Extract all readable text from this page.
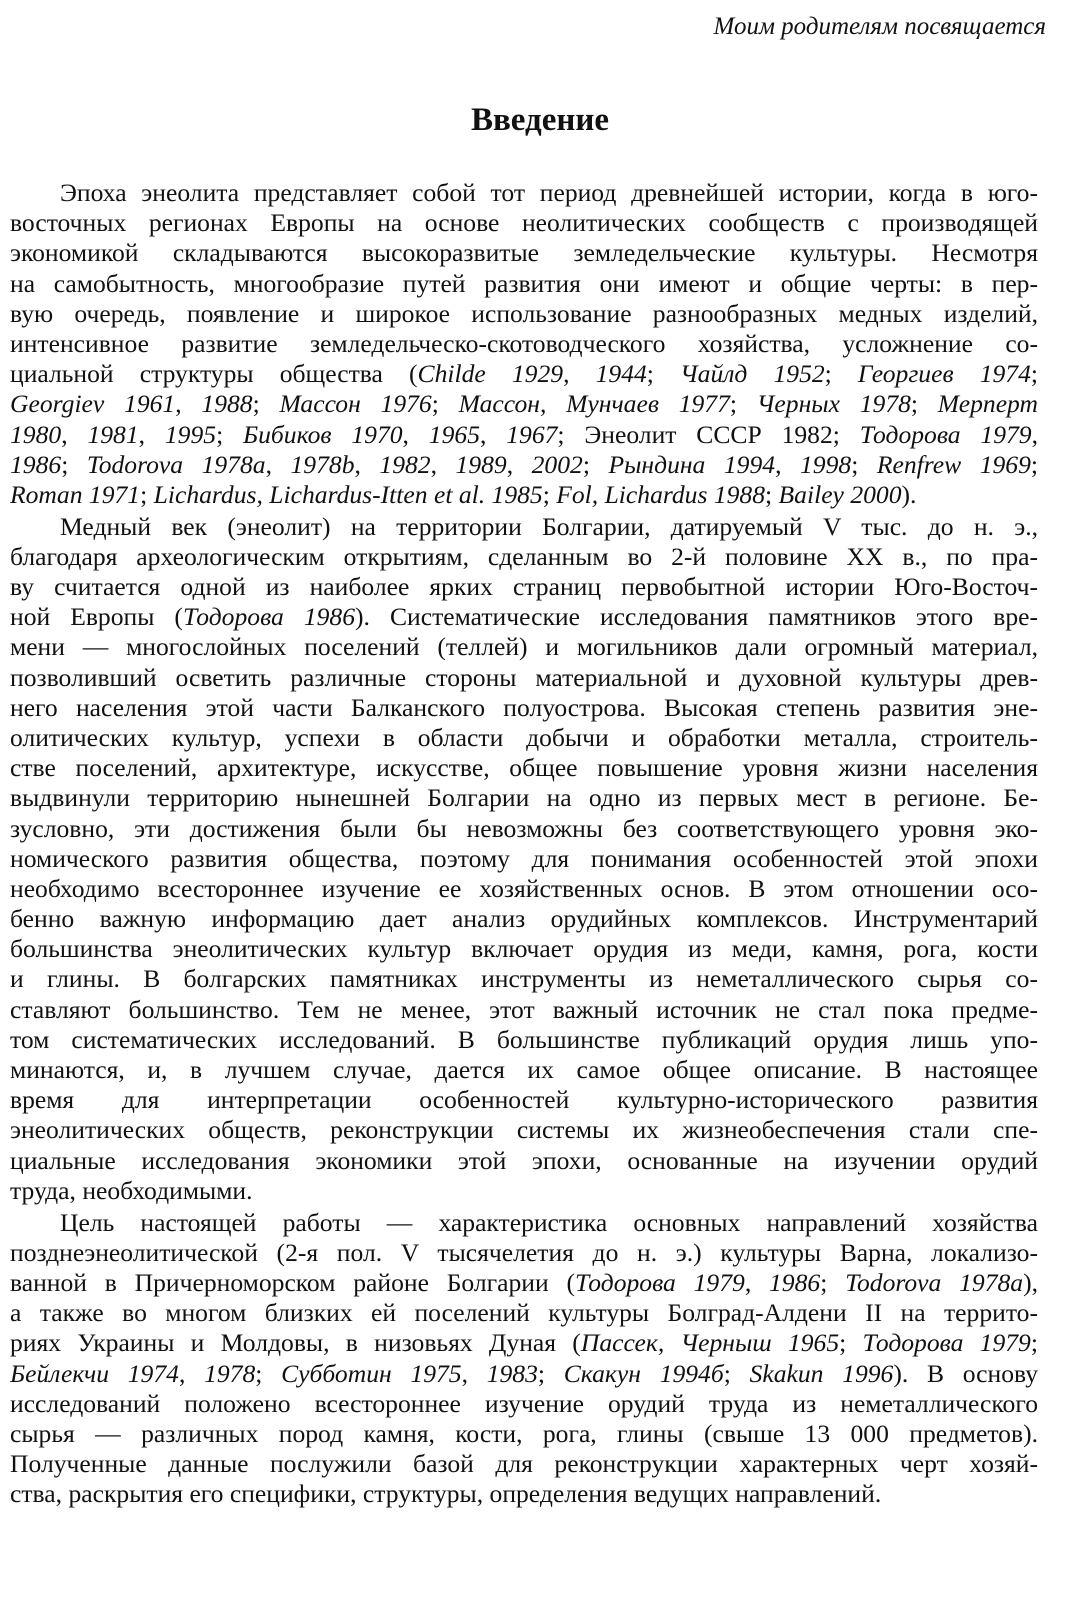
Моим родителям посвящается
Введение
Эпоха энеолита представляет собой тот период древнейшей истории, когда в юго-
восточных регионах Европы на основе неолитических сообществ с производящей
экономикой складываются высокоразвитые земледельческие культуры. Несмотря
на самобытность, многообразие путей развития они имеют и общие черты: в пер-
вую очередь, появление и широкое использование разнообразных медных изделий,
интенсивное развитие земледельческо-скотоводческого хозяйства, усложнение со-
циальной структуры общества (Childe 1929, 1944; Чайлд 1952; Георгиев 1974;
Georgiev 1961, 1988; Массон 1976; Массон, Мунчаев 1977; Черных 1978; Мерперт
1980, 1981, 1995; Бибиков 1970, 1965, 1967; Энеолит СССР 1982; Тодорова 1979,
1986; Todorova 1978a, 1978b, 1982, 1989, 2002; Рындина 1994, 1998; Renfrew 1969;
Roman 1971; Lichardus, Lichardus-Itten et al. 1985; Fol, Lichardus 1988; Bailey 2000).
Медный век (энеолит) на территории Болгарии, датируемый V тыс. до н. э.,
благодаря археологическим открытиям, сделанным во 2-й половине XX в., по пра-
ву считается одной из наиболее ярких страниц первобытной истории Юго-Восточ-
ной Европы (Тодорова 1986). Систематические исследования памятников этого вре-
мени — многослойных поселений (теллей) и могильников дали огромный материал,
позволивший осветить различные стороны материальной и духовной культуры древ-
него населения этой части Балканского полуострова. Высокая степень развития эне-
олитических культур, успехи в области добычи и обработки металла, строитель-
стве поселений, архитектуре, искусстве, общее повышение уровня жизни населения
выдвинули территорию нынешней Болгарии на одно из первых мест в регионе. Бе-
зусловно, эти достижения были бы невозможны без соответствующего уровня эко-
номического развития общества, поэтому для понимания особенностей этой эпохи
необходимо всестороннее изучение ее хозяйственных основ. В этом отношении осо-
бенно важную информацию дает анализ орудийных комплексов. Инструментарий
большинства энеолитических культур включает орудия из меди, камня, рога, кости
и глины. В болгарских памятниках инструменты из неметаллического сырья со-
ставляют большинство. Тем не менее, этот важный источник не стал пока предме-
том систематических исследований. В большинстве публикаций орудия лишь упо-
минаются, и, в лучшем случае, дается их самое общее описание. В настоящее
время для интерпретации особенностей культурно-исторического развития
энеолитических обществ, реконструкции системы их жизнеобеспечения стали спе-
циальные исследования экономики этой эпохи, основанные на изучении орудий
труда, необходимыми.
Цель настоящей работы — характеристика основных направлений хозяйства
позднеэнеолитической (2-я пол. V тысячелетия до н. э.) культуры Варна, локализо-
ванной в Причерноморском районе Болгарии (Тодорова 1979, 1986; Todorova 1978a),
а также во многом близких ей поселений культуры Болград-Алдени II на террито-
риях Украины и Молдовы, в низовьях Дуная (Пассек, Черныш 1965; Тодорова 1979;
Бейлекчи 1974, 1978; Субботин 1975, 1983; Скакун 1994б; Skakun 1996). В основу
исследований положено всестороннее изучение орудий труда из неметаллического
сырья — различных пород камня, кости, рога, глины (свыше 13 000 предметов).
Полученные данные послужили базой для реконструкции характерных черт хозяй-
ства, раскрытия его специфики, структуры, определения ведущих направлений.
